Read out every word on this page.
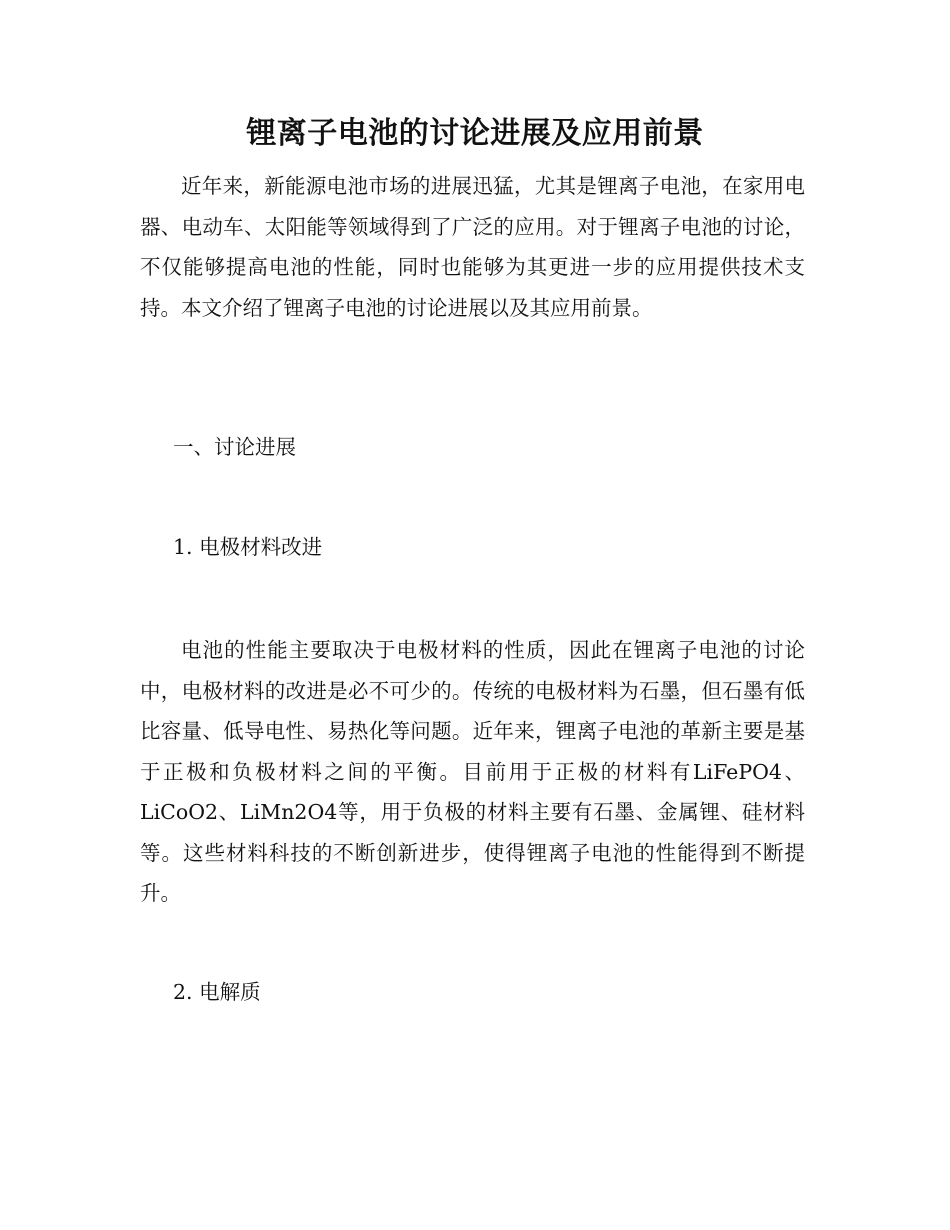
锂离子电池的讨论进展及应用前景

近年来，新能源电池市场的进展迅猛，尤其是锂离子电池，在家用电器、电动车、太阳能等领域得到了广泛的应用。对于锂离子电池的讨论，不仅能够提高电池的性能，同时也能够为其更进一步的应用提供技术支持。本文介绍了锂离子电池的讨论进展以及其应用前景。

一、讨论进展

1. 电极材料改进

电池的性能主要取决于电极材料的性质，因此在锂离子电池的讨论中，电极材料的改进是必不可少的。传统的电极材料为石墨，但石墨有低比容量、低导电性、易热化等问题。近年来，锂离子电池的革新主要是基于正极和负极材料之间的平衡。目前用于正极的材料有LiFePO4、LiCoO2、LiMn2O4等，用于负极的材料主要有石墨、金属锂、硅材料等。这些材料科技的不断创新进步，使得锂离子电池的性能得到不断提升。

2. 电解质
